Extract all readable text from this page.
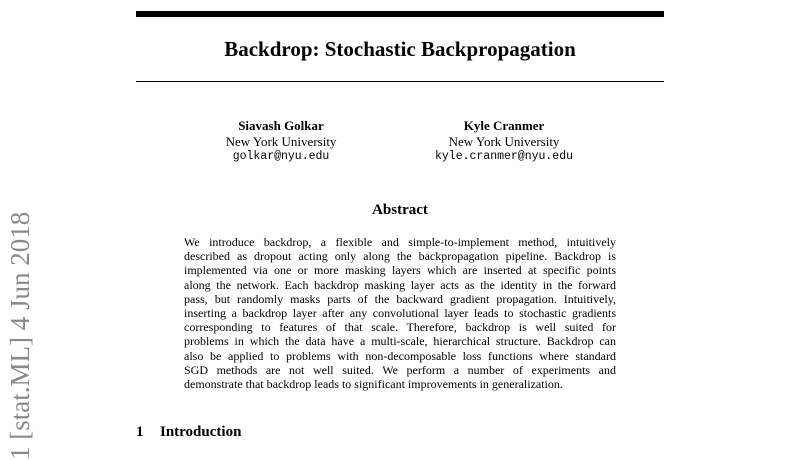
Backdrop: Stochastic Backpropagation
Siavash Golkar
New York University
golkar@nyu.edu
Kyle Cranmer
New York University
kyle.cranmer@nyu.edu
Abstract
We introduce backdrop, a flexible and simple-to-implement method, intuitively
described as dropout acting only along the backpropagation pipeline. Backdrop is
implemented via one or more masking layers which are inserted at specific points
along the network. Each backdrop masking layer acts as the identity in the forward
pass, but randomly masks parts of the backward gradient propagation. Intuitively,
inserting a backdrop layer after any convolutional layer leads to stochastic gradients
corresponding to features of that scale. Therefore, backdrop is well suited for
problems in which the data have a multi-scale, hierarchical structure. Backdrop can
also be applied to problems with non-decomposable loss functions where standard
SGD methods are not well suited. We perform a number of experiments and
demonstrate that backdrop leads to significant improvements in generalization.
1 Introduction
1 [stat.ML] 4 Jun 2018
